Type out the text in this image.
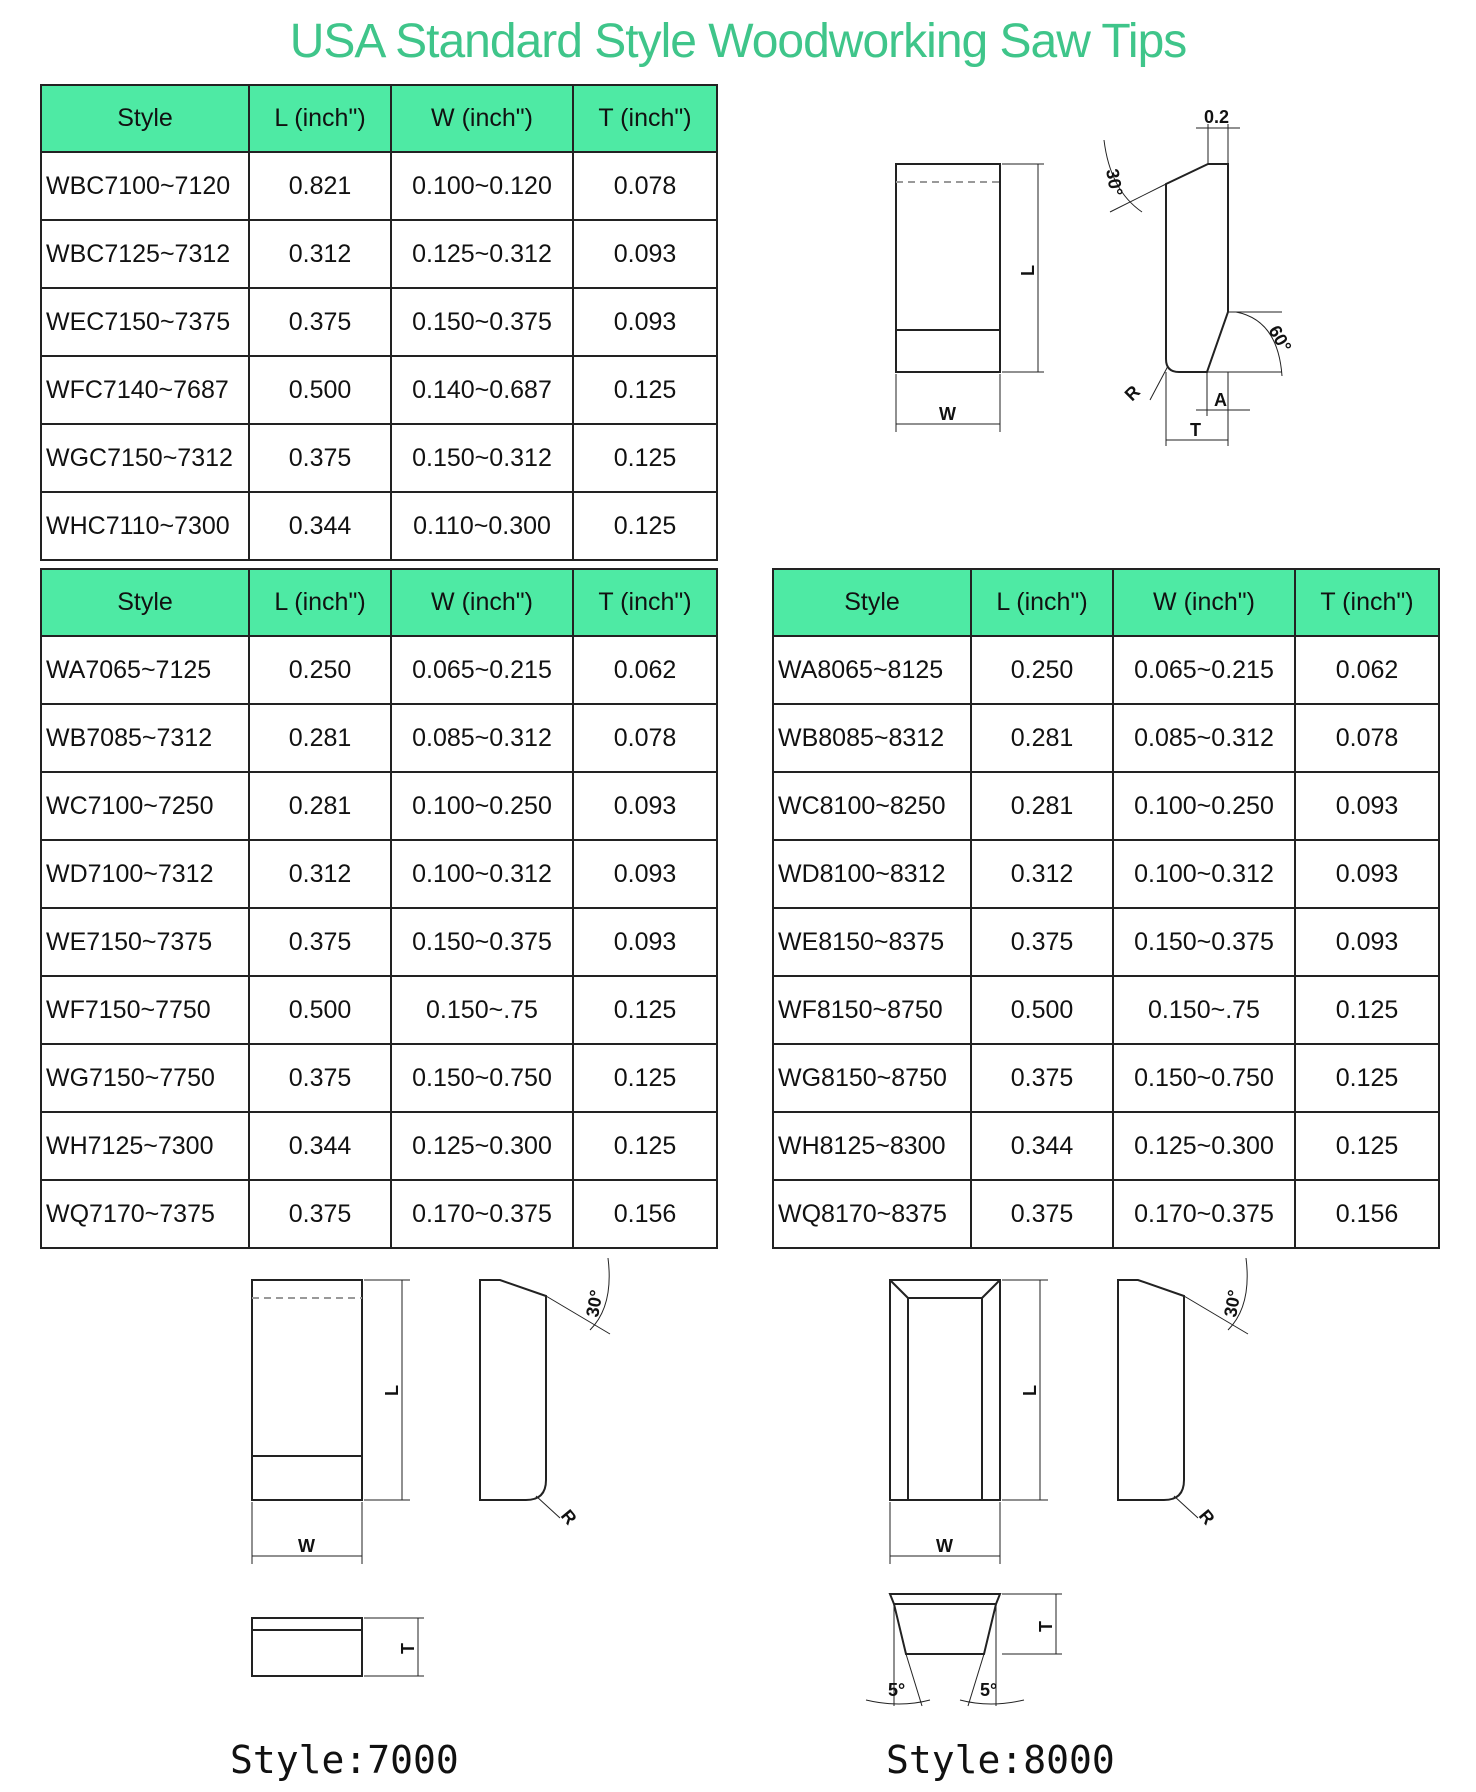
USA Standard Style Woodworking Saw Tips
Style	L (inch")	W (inch")	T (inch")
WBC7100~7120	0.821	0.100~0.120	0.078
WBC7125~7312	0.312	0.125~0.312	0.093
WEC7150~7375	0.375	0.150~0.375	0.093
WFC7140~7687	0.500	0.140~0.687	0.125
WGC7150~7312	0.375	0.150~0.312	0.125
WHC7110~7300	0.344	0.110~0.300	0.125
Style	L (inch")	W (inch")	T (inch")
WA7065~7125	0.250	0.065~0.215	0.062
WB7085~7312	0.281	0.085~0.312	0.078
WC7100~7250	0.281	0.100~0.250	0.093
WD7100~7312	0.312	0.100~0.312	0.093
WE7150~7375	0.375	0.150~0.375	0.093
WF7150~7750	0.500	0.150~.75	0.125
WG7150~7750	0.375	0.150~0.750	0.125
WH7125~7300	0.344	0.125~0.300	0.125
WQ7170~7375	0.375	0.170~0.375	0.156
Style	L (inch")	W (inch")	T (inch")
WA8065~8125	0.250	0.065~0.215	0.062
WB8085~8312	0.281	0.085~0.312	0.078
WC8100~8250	0.281	0.100~0.250	0.093
WD8100~8312	0.312	0.100~0.312	0.093
WE8150~8375	0.375	0.150~0.375	0.093
WF8150~8750	0.500	0.150~.75	0.125
WG8150~8750	0.375	0.150~0.750	0.125
WH8125~8300	0.344	0.125~0.300	0.125
WQ8170~8375	0.375	0.170~0.375	0.156
0.2
30°
60°
L
W
R	A
T
30°
L
W
R
T
30°
L
W
R
T
5°	5°
Style:7000	Style:8000
